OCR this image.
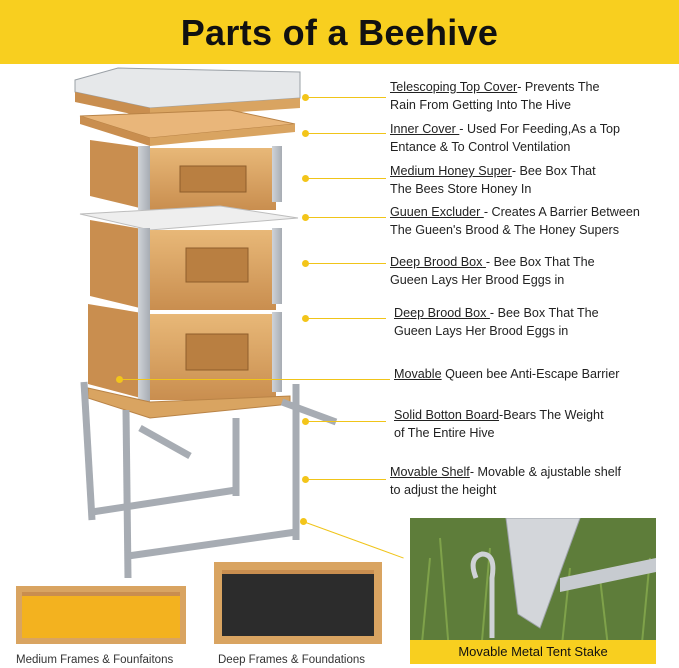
Parts of a Beehive
Telescoping Top Cover- Prevents The
Rain From Getting Into The Hive
Inner Cover - Used For Feeding,As a Top
Entance & To Control Ventilation
Medium Honey Super- Bee Box That
The Bees Store Honey In
Guuen Excluder - Creates A Barrier Between
The Gueen's Brood & The Honey Supers
Deep Brood Box - Bee Box That The
Gueen Lays Her Brood Eggs in
Deep Brood Box - Bee Box That The
Gueen Lays Her Brood Eggs in
Movable Queen bee Anti-Escape Barrier
Solid Botton Board-Bears The Weight
of The Entire Hive
Movable Shelf- Movable & ajustable shelf
to adjust the height
Medium Frames & Founfaitons	Deep Frames & Foundations
Movable Metal Tent Stake
